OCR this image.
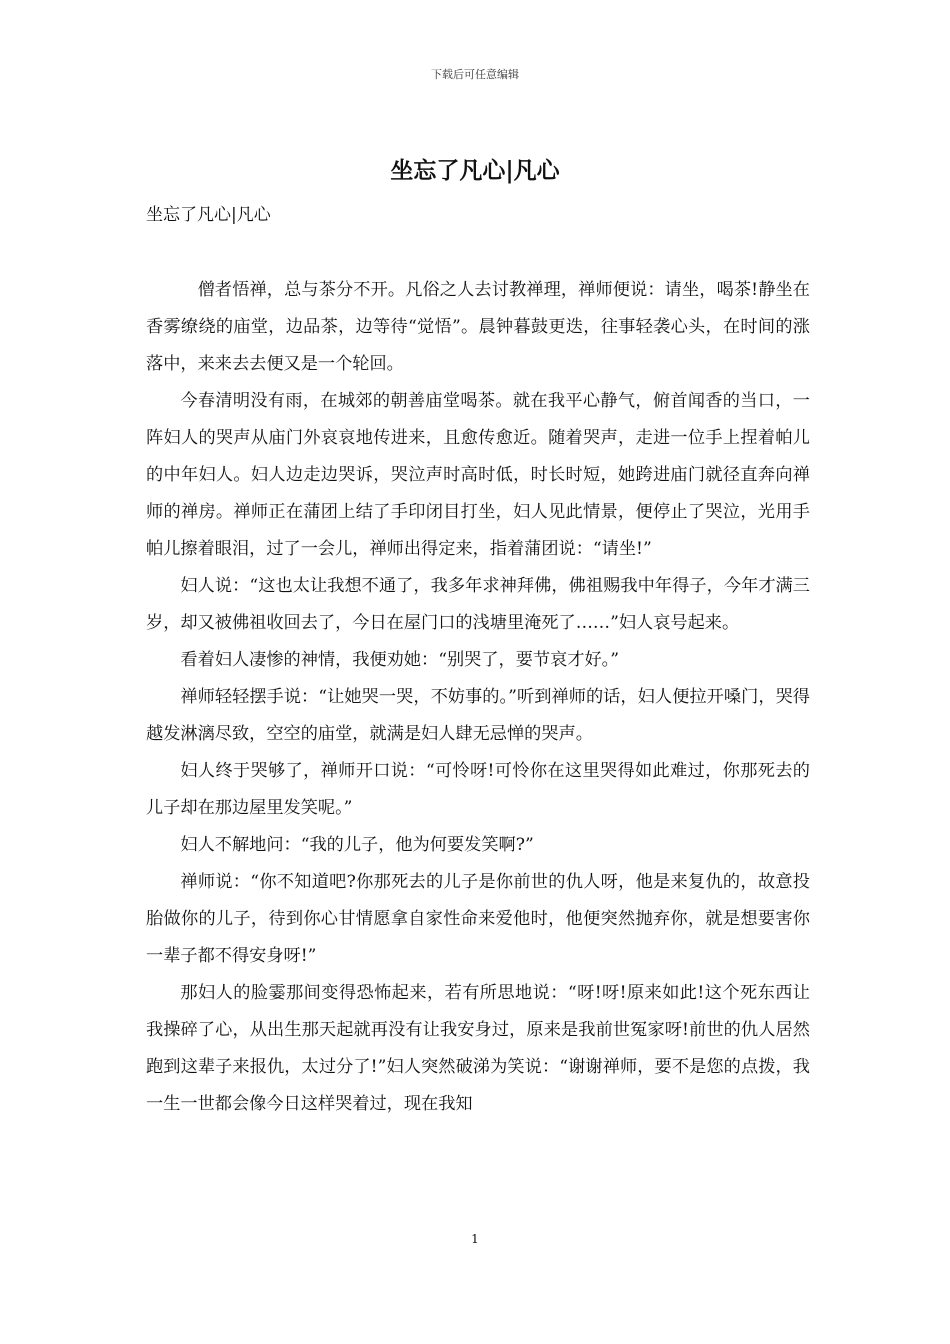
下载后可任意编辑
坐忘了凡心|凡心
坐忘了凡心|凡心

僧者悟禅，总与茶分不开。凡俗之人去讨教禅理，禅师便说：请坐，喝茶!静坐在香雾缭绕的庙堂，边品茶，边等待“觉悟”。晨钟暮鼓更迭，往事轻袭心头，在时间的涨落中，来来去去便又是一个轮回。

今春清明没有雨，在城郊的朝善庙堂喝茶。就在我平心静气，俯首闻香的当口，一阵妇人的哭声从庙门外哀哀地传进来，且愈传愈近。随着哭声，走进一位手上捏着帕儿的中年妇人。妇人边走边哭诉，哭泣声时高时低，时长时短，她跨进庙门就径直奔向禅师的禅房。禅师正在蒲团上结了手印闭目打坐，妇人见此情景，便停止了哭泣，光用手帕儿擦着眼泪，过了一会儿，禅师出得定来，指着蒲团说：“请坐!”

妇人说：“这也太让我想不通了，我多年求神拜佛，佛祖赐我中年得子，今年才满三岁，却又被佛祖收回去了，今日在屋门口的浅塘里淹死了……”妇人哀号起来。

看着妇人凄惨的神情，我便劝她：“别哭了，要节哀才好。”

禅师轻轻摆手说：“让她哭一哭，不妨事的。”听到禅师的话，妇人便拉开嗓门，哭得越发淋漓尽致，空空的庙堂，就满是妇人肆无忌惮的哭声。

妇人终于哭够了，禅师开口说：“可怜呀!可怜你在这里哭得如此难过，你那死去的儿子却在那边屋里发笑呢。”

妇人不解地问：“我的儿子，他为何要发笑啊?”

禅师说：“你不知道吧?你那死去的儿子是你前世的仇人呀，他是来复仇的，故意投胎做你的儿子，待到你心甘情愿拿自家性命来爱他时，他便突然抛弃你，就是想要害你一辈子都不得安身呀!”

那妇人的脸霎那间变得恐怖起来，若有所思地说：“呀!呀!原来如此!这个死东西让我操碎了心，从出生那天起就再没有让我安身过，原来是我前世冤家呀!前世的仇人居然跑到这辈子来报仇，太过分了!”妇人突然破涕为笑说：“谢谢禅师，要不是您的点拨，我一生一世都会像今日这样哭着过，现在我知

1
